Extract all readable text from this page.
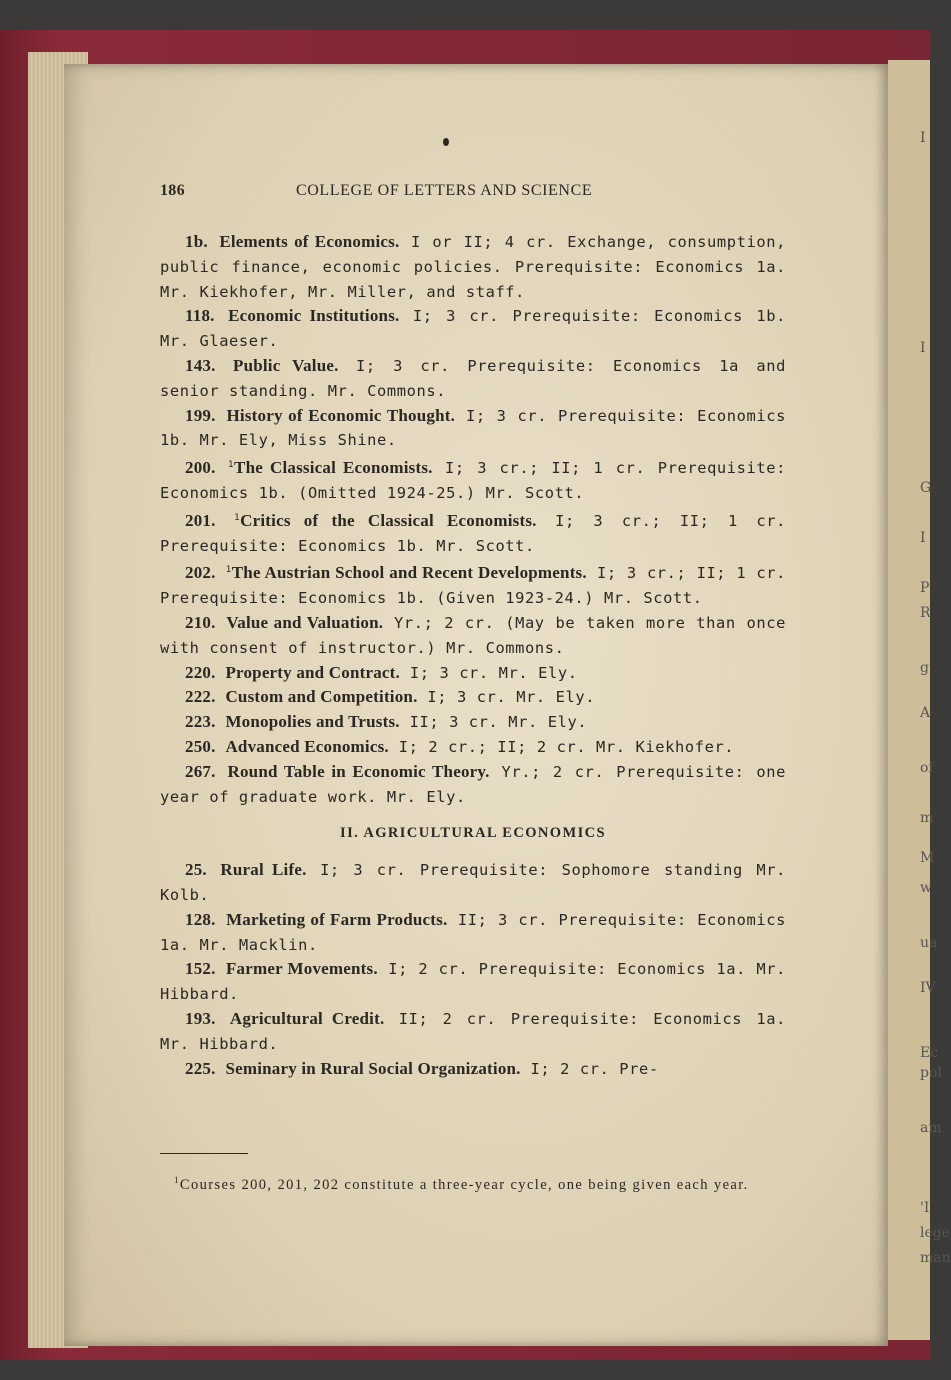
I
I
G
I
P
R
g
A
of
m
M
w
ua
IV
Ec
pol
am
'I
lege
man
186	COLLEGE OF LETTERS AND SCIENCE

1b. Elements of Economics. I or II; 4 cr. Exchange, consumption, public finance, economic policies. Prerequisite: Economics 1a. Mr. Kiekhofer, Mr. Miller, and staff.

118. Economic Institutions. I; 3 cr. Prerequisite: Economics 1b. Mr. Glaeser.

143. Public Value. I; 3 cr. Prerequisite: Economics 1a and senior standing. Mr. Commons.

199. History of Economic Thought. I; 3 cr. Prerequisite: Economics 1b. Mr. Ely, Miss Shine.

200. $^1$The Classical Economists. I; 3 cr.; II; 1 cr. Prerequisite: Economics 1b. (Omitted 1924-25.) Mr. Scott.

201. $^1$Critics of the Classical Economists. I; 3 cr.; II; 1 cr. Prerequisite: Economics 1b. Mr. Scott.

202. $^1$The Austrian School and Recent Developments. I; 3 cr.; II; 1 cr. Prerequisite: Economics 1b. (Given 1923-24.) Mr. Scott.

210. Value and Valuation. Yr.; 2 cr. (May be taken more than once with consent of instructor.) Mr. Commons.

220. Property and Contract. I; 3 cr. Mr. Ely.

222. Custom and Competition. I; 3 cr. Mr. Ely.

223. Monopolies and Trusts. II; 3 cr. Mr. Ely.

250. Advanced Economics. I; 2 cr.; II; 2 cr. Mr. Kiekhofer.

267. Round Table in Economic Theory. Yr.; 2 cr. Prerequisite: one year of graduate work. Mr. Ely.

II. AGRICULTURAL ECONOMICS

25. Rural Life. I; 3 cr. Prerequisite: Sophomore standing Mr. Kolb.

128. Marketing of Farm Products. II; 3 cr. Prerequisite: Economics 1a. Mr. Macklin.

152. Farmer Movements. I; 2 cr. Prerequisite: Economics 1a. Mr. Hibbard.

193. Agricultural Credit. II; 2 cr. Prerequisite: Economics 1a. Mr. Hibbard.

225. Seminary in Rural Social Organization. I; 2 cr. Pre-

$^1$Courses 200, 201, 202 constitute a three-year cycle, one being given each year.
